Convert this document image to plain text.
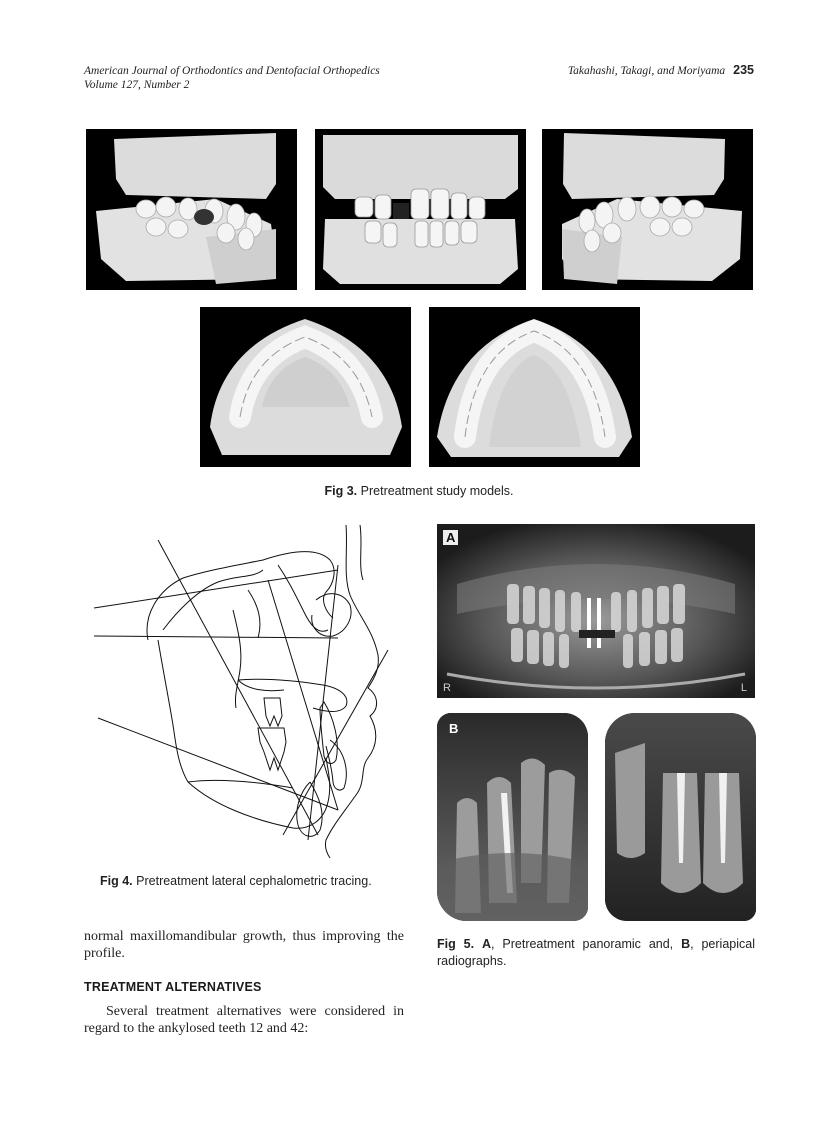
American Journal of Orthodontics and Dentofacial Orthopedics
Volume 127, Number 2
Takahashi, Takagi, and Moriyama 235
Fig 3. Pretreatment study models.
Fig 4. Pretreatment lateral cephalometric tracing.
A
R	L
B
Fig 5. A, Pretreatment panoramic and, B, periapical radiographs.
normal maxillomandibular growth, thus improving the profile.
TREATMENT ALTERNATIVES
Several treatment alternatives were considered in regard to the ankylosed teeth 12 and 42:
